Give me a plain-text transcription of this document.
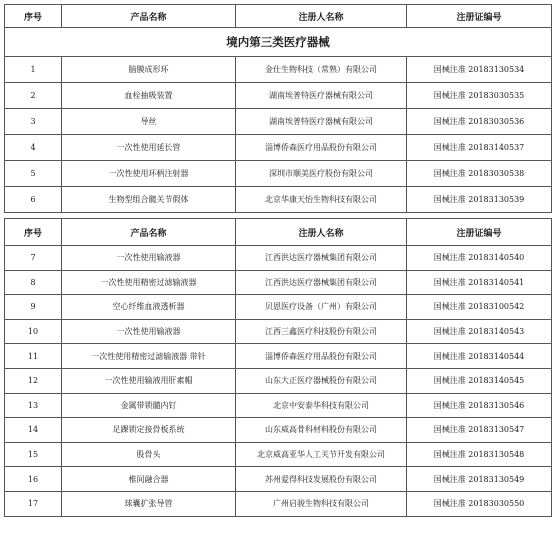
序号	产品名称	注册人名称	注册证编号
境内第三类医疗器械			
1	脑膜成形环	金仕生物科技（常熟）有限公司	国械注准 20183130534
2	血栓抽吸装置	湖南埃普特医疗器械有限公司	国械注准 20183030535
3	导丝	湖南埃普特医疗器械有限公司	国械注准 20183030536
4	一次性使用延长管	淄博侨森医疗用品股份有限公司	国械注准 20183140537
5	一次性使用环柄注射器	深圳市顺美医疗股份有限公司	国械注准 20183030538
6	生物型组合髋关节假体	北京华康天怡生物科技有限公司	国械注准 20183130539
序号	产品名称	注册人名称	注册证编号
7	一次性使用输液器	江西洪达医疗器械集团有限公司	国械注准 20183140540
8	一次性使用精密过滤输液器	江西洪达医疗器械集团有限公司	国械注准 20183140541
9	空心纤维血液透析器	贝恩医疗设备（广州）有限公司	国械注准 20183100542
10	一次性使用输液器	江西三鑫医疗科技股份有限公司	国械注准 20183140543
11	一次性使用精密过滤输液器 带针	淄博侨森医疗用品股份有限公司	国械注准 20183140544
12	一次性使用输液用肝素帽	山东大正医疗器械股份有限公司	国械注准 20183140545
13	金属带锁髓内钉	北京中安泰华科技有限公司	国械注准 20183130546
14	足踝锁定接骨板系统	山东威高骨科材料股份有限公司	国械注准 20183130547
15	股骨头	北京威高亚华人工关节开发有限公司	国械注准 20183130548
16	椎间融合器	苏州爱得科技发展股份有限公司	国械注准 20183130549
17	球囊扩张导管	广州启骏生物科技有限公司	国械注准 20183030550
